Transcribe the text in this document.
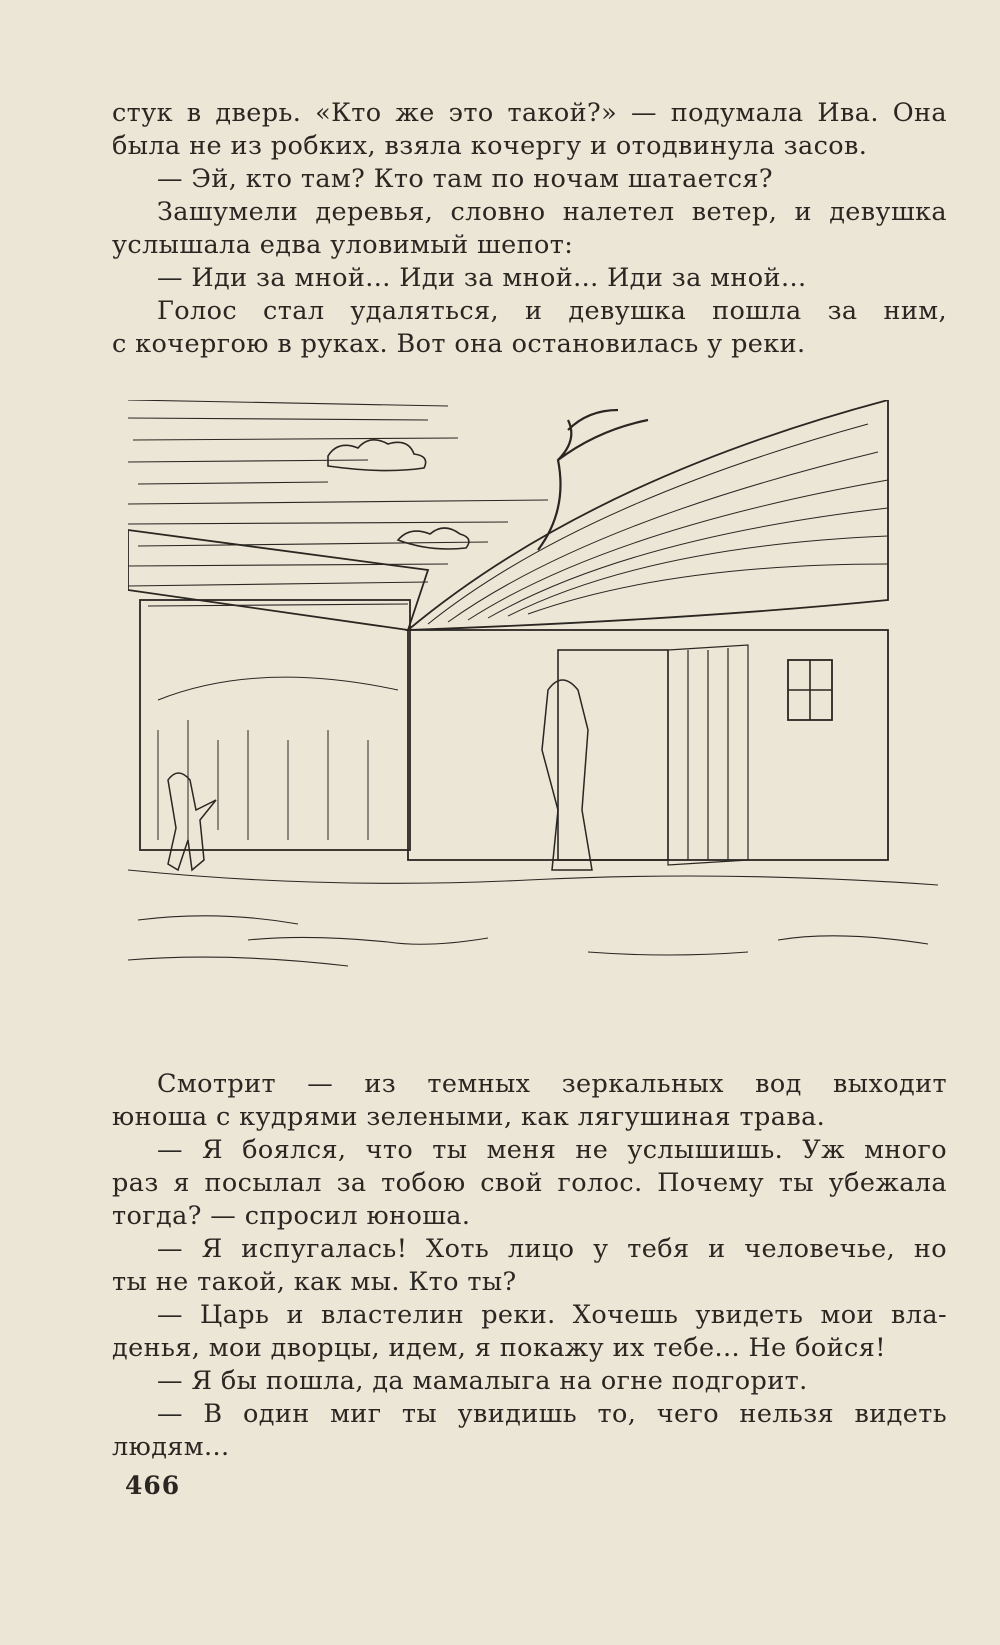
стук в дверь. «Кто же это такой?» — подумала Ива. Она

была не из робких, взяла кочергу и отодвинула засов.

— Эй, кто там? Кто там по ночам шатается?

Зашумели деревья, словно налетел ветер, и девушка

услышала едва уловимый шепот:

— Иди за мной... Иди за мной... Иди за мной...

Голос стал удаляться, и девушка пошла за ним,

с кочергою в руках. Вот она остановилась у реки.

Смотрит — из темных зеркальных вод выходит

юноша с кудрями зелеными, как лягушиная трава.

— Я боялся, что ты меня не услышишь. Уж много

раз я посылал за тобою свой голос. Почему ты убежала

тогда? — спросил юноша.

— Я испугалась! Хоть лицо у тебя и человечье, но

ты не такой, как мы. Кто ты?

— Царь и властелин реки. Хочешь увидеть мои вла-

денья, мои дворцы, идем, я покажу их тебе... Не бойся!

— Я бы пошла, да мамалыга на огне подгорит.

— В один миг ты увидишь то, чего нельзя видеть

людям...

466
